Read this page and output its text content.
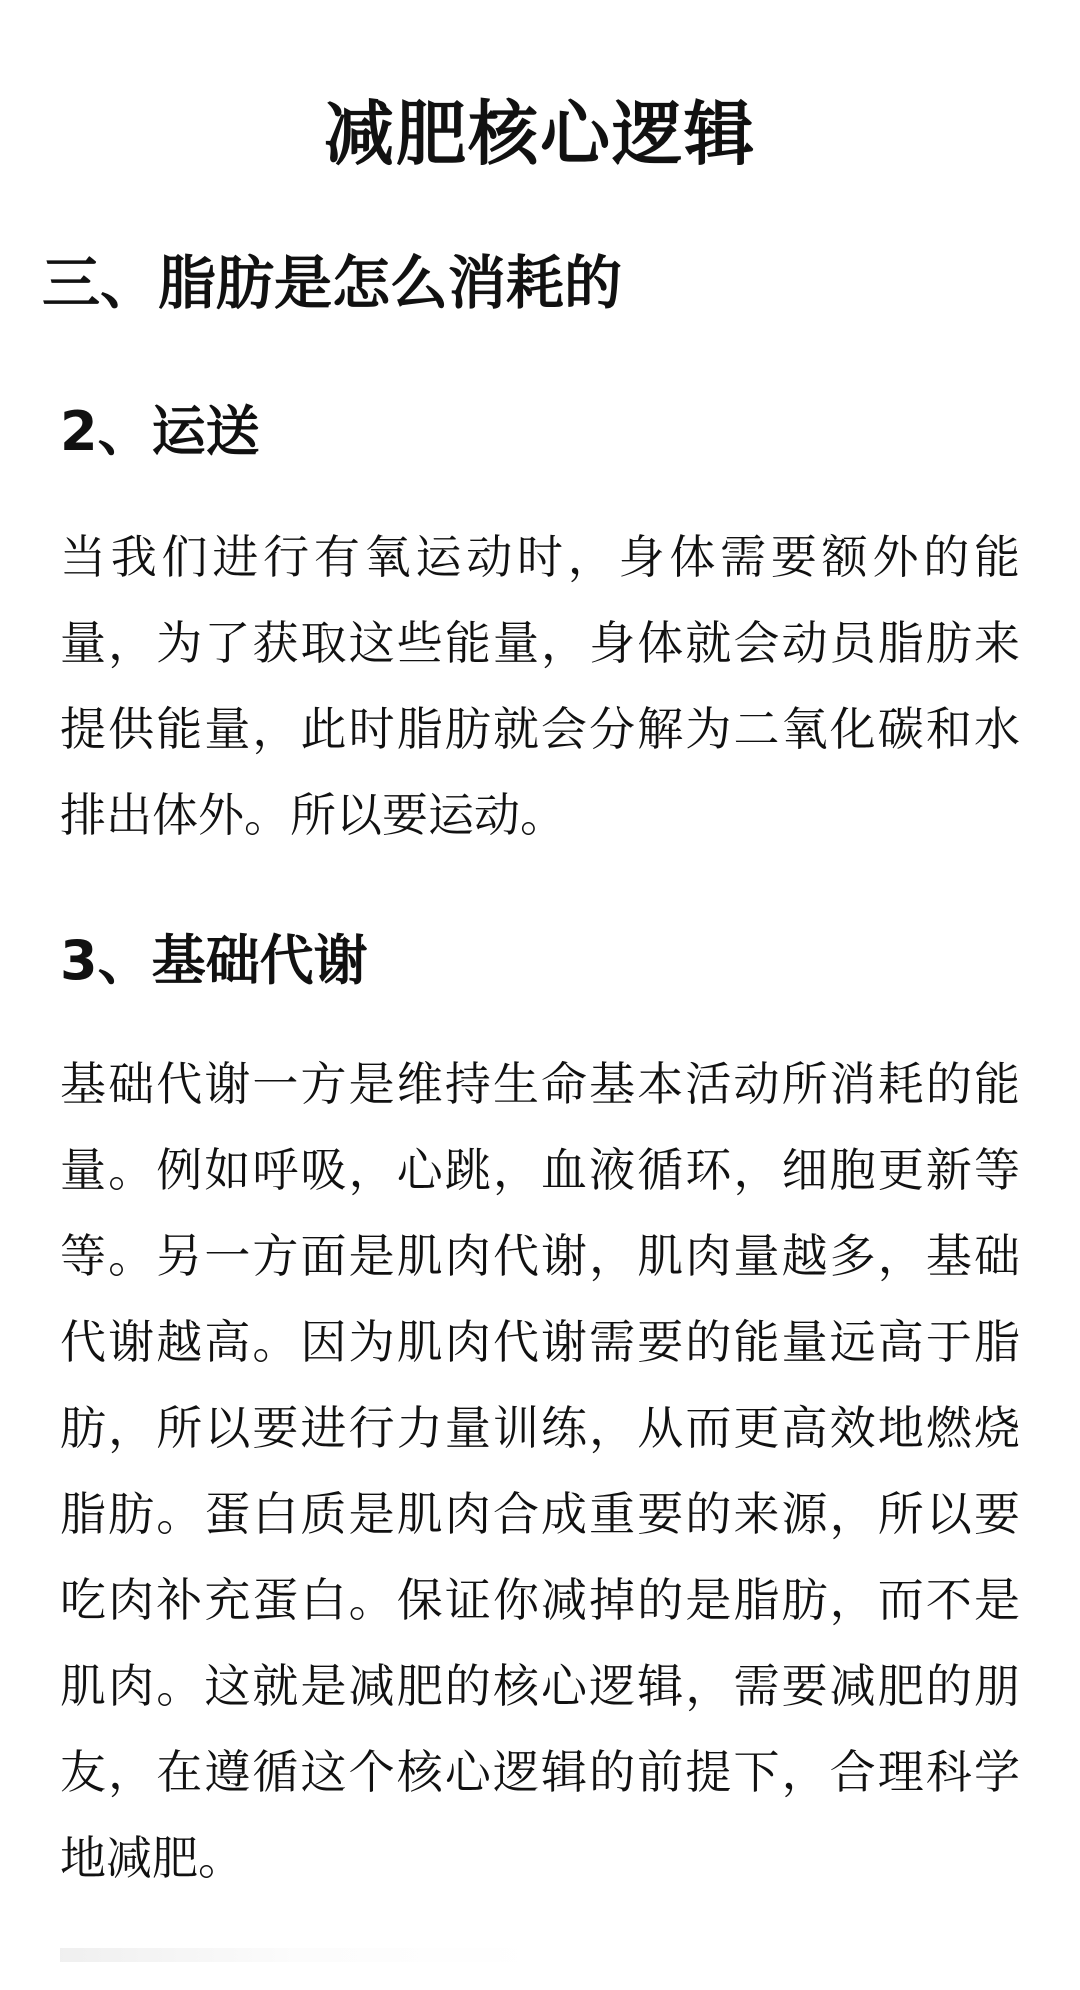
减肥核心逻辑
三、脂肪是怎么消耗的
2、运送

当我们进行有氧运动时，身体需要额外的能量，为了获取这些能量，身体就会动员脂肪来提供能量，此时脂肪就会分解为二氧化碳和水排出体外。所以要运动。

3、基础代谢

基础代谢一方是维持生命基本活动所消耗的能量。例如呼吸，心跳，血液循环，细胞更新等等。另一方面是肌肉代谢，肌肉量越多，基础代谢越高。因为肌肉代谢需要的能量远高于脂肪，所以要进行力量训练，从而更高效地燃烧脂肪。蛋白质是肌肉合成重要的来源，所以要吃肉补充蛋白。保证你减掉的是脂肪，而不是肌肉。这就是减肥的核心逻辑，需要减肥的朋友，在遵循这个核心逻辑的前提下，合理科学地减肥。
